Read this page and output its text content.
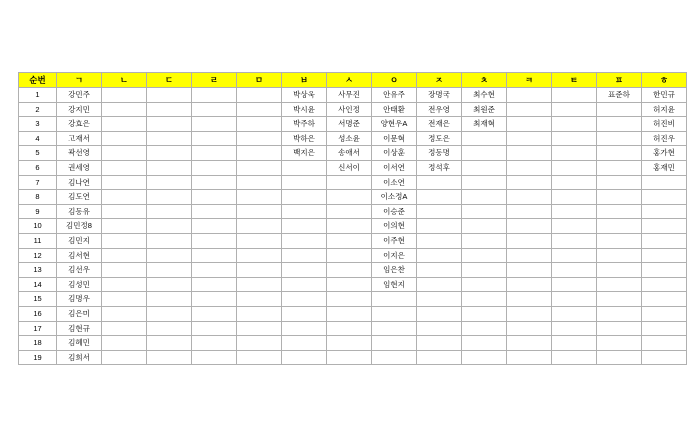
순번	ㄱ	ㄴ	ㄷ	ㄹ	ㅁ	ㅂ	ㅅ	ㅇ	ㅈ	ㅊ	ㅋ	ㅌ	ㅍ	ㅎ
1	강민주					박상욱	사무진	안유주	장명국	최수현			표준하	한민규
2	강지민					박시윤	사인정	안태환	전우영	최원준				허지윤
3	강효은					박주하	서명준	양현우A	전재은	최재혁				허진비
4	고재서					박하은	성소윤	이문혁	정도은					허진우
5	곽선영					백지은	송애서	이상훈	정동명					홍가현
6	권세영						신서이	이서연	정석후					홍재민
7	김나연							이소연						
8	김도연							이소정A						
9	김동유							이승준						
10	김민정8							이의현						
11	김민지							이주현						
12	김서현							이지은						
13	김선우							임은찬						
14	김성민							임현지						
15	김명우													
16	김은미													
17	김현규													
18	김혜민													
19	김희서													
